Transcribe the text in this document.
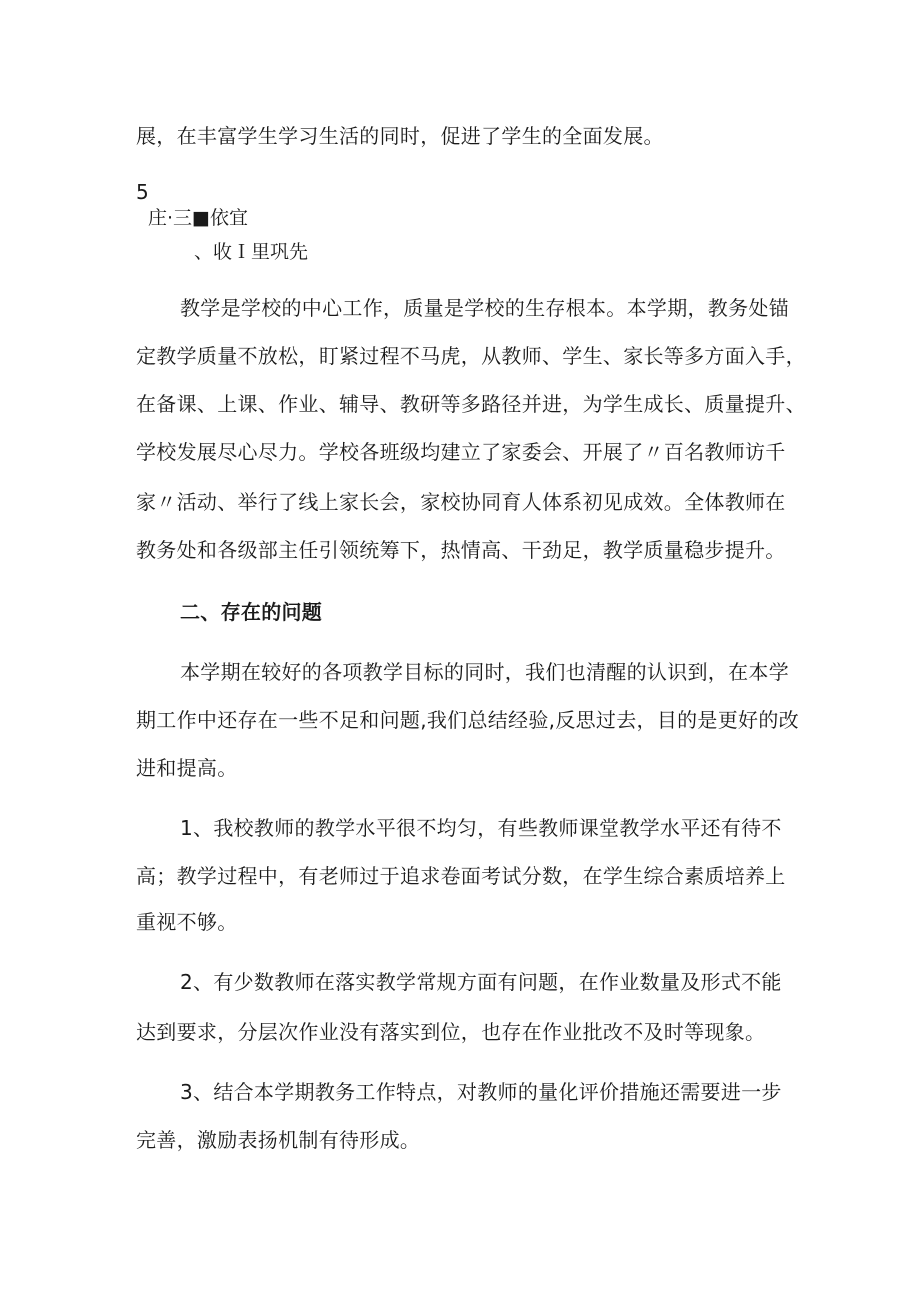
展，在丰富学生学习生活的同时，促进了学生的全面发展。
5
庄·三■依宜
、收Ｉ里巩先
教学是学校的中心工作，质量是学校的生存根本。本学期，教务处锚
定教学质量不放松，盯紧过程不马虎，从教师、学生、家长等多方面入手，
在备课、上课、作业、辅导、教研等多路径并进，为学生成长、质量提升、
学校发展尽心尽力。学校各班级均建立了家委会、开展了〃百名教师访千
家〃活动、举行了线上家长会，家校协同育人体系初见成效。全体教师在
教务处和各级部主任引领统筹下，热情高、干劲足，教学质量稳步提升。
二、存在的问题
本学期在较好的各项教学目标的同时，我们也清醒的认识到，在本学
期工作中还存在一些不足和问题,我们总结经验,反思过去，目的是更好的改
进和提高。
1、我校教师的教学水平很不均匀，有些教师课堂教学水平还有待不
高；教学过程中，有老师过于追求卷面考试分数，在学生综合素质培养上
重视不够。
2、有少数教师在落实教学常规方面有问题，在作业数量及形式不能
达到要求，分层次作业没有落实到位，也存在作业批改不及时等现象。
3、结合本学期教务工作特点，对教师的量化评价措施还需要进一步
完善，激励表扬机制有待形成。
